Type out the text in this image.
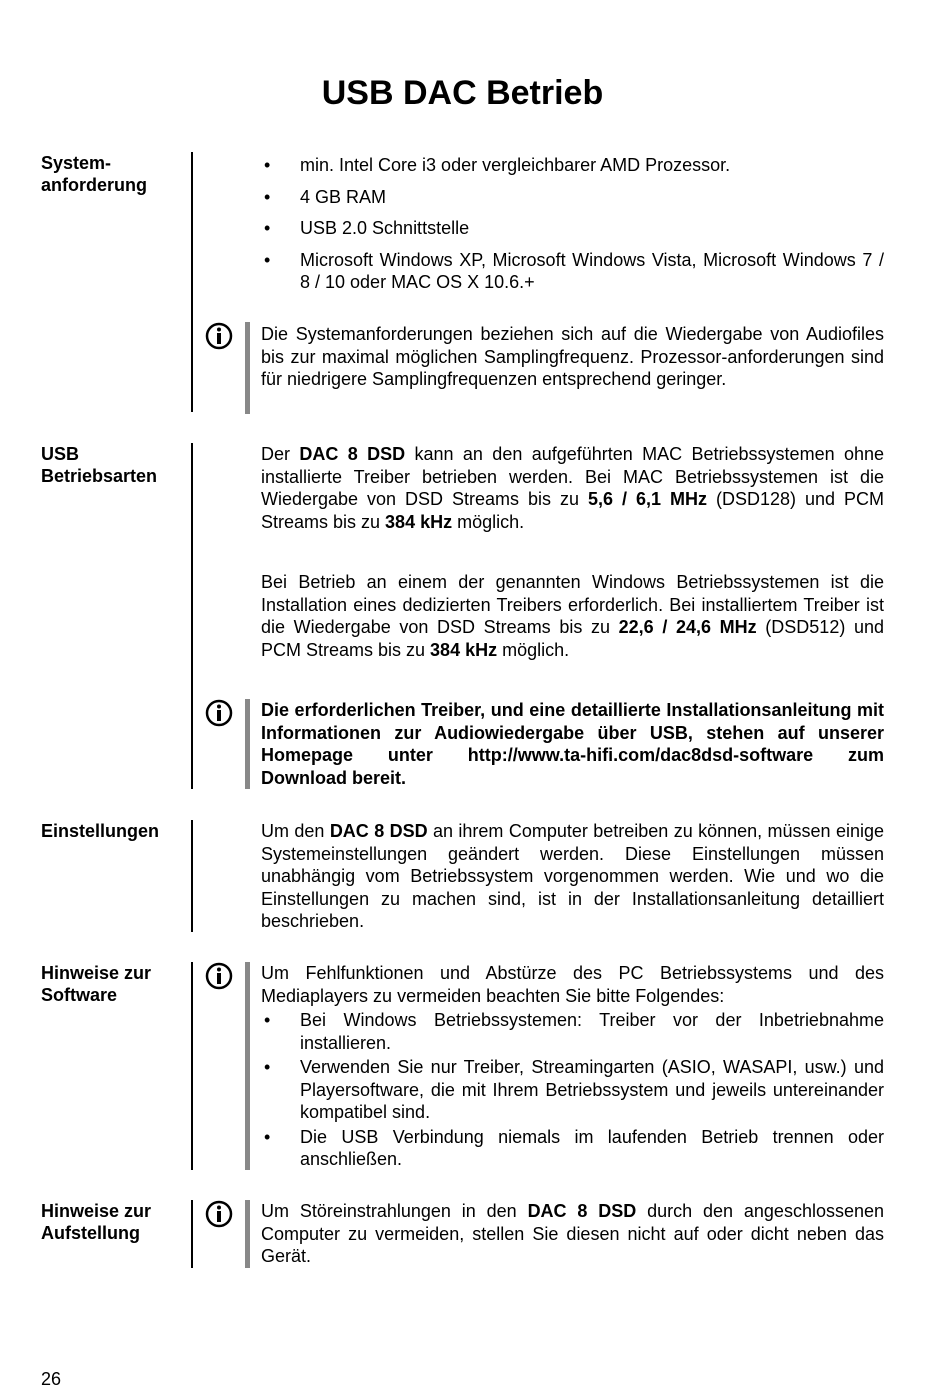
USB DAC Betrieb
System-
anforderung
• min. Intel Core i3 oder vergleichbarer AMD Prozessor.
• 4 GB RAM
• USB 2.0 Schnittstelle
• Microsoft Windows XP, Microsoft Windows Vista, Microsoft Windows 7 / 8 / 10 oder MAC OS X 10.6.+

Die Systemanforderungen beziehen sich auf die Wiedergabe von Audiofiles bis zur maximal möglichen Samplingfrequenz. Prozessor-anforderungen sind für niedrigere Samplingfrequenzen entsprechend geringer.

USB
Betriebsarten

Der DAC 8 DSD kann an den aufgeführten MAC Betriebssystemen ohne installierte Treiber betrieben werden. Bei MAC Betriebssystemen ist die Wiedergabe von DSD Streams bis zu 5,6 / 6,1 MHz (DSD128) und PCM Streams bis zu 384 kHz möglich.

Bei Betrieb an einem der genannten Windows Betriebssystemen ist die Installation eines dedizierten Treibers erforderlich. Bei installiertem Treiber ist die Wiedergabe von DSD Streams bis zu 22,6 / 24,6 MHz (DSD512) und PCM Streams bis zu 384 kHz möglich.

Die erforderlichen Treiber, und eine detaillierte Installationsanleitung mit Informationen zur Audiowiedergabe über USB, stehen auf unserer Homepage unter http://www.ta-hifi.com/dac8dsd-software zum Download bereit.

Einstellungen	Um den DAC 8 DSD an ihrem Computer betreiben zu können, müssen einige Systemeinstellungen geändert werden. Diese Einstellungen müssen unabhängig vom Betriebssystem vorgenommen werden. Wie und wo die Einstellungen zu machen sind, ist in der Installationsanleitung detailliert beschrieben.

Hinweise zur
Software

Um Fehlfunktionen und Abstürze des PC Betriebssystems und des Mediaplayers zu vermeiden beachten Sie bitte Folgendes:

• Bei Windows Betriebssystemen: Treiber vor der Inbetriebnahme installieren.
• Verwenden Sie nur Treiber, Streamingarten (ASIO, WASAPI, usw.) und Playersoftware, die mit Ihrem Betriebssystem und jeweils untereinander kompatibel sind.
• Die USB Verbindung niemals im laufenden Betrieb trennen oder anschließen.
Hinweise zur
Aufstellung

Um Störeinstrahlungen in den DAC 8 DSD durch den angeschlossenen Computer zu vermeiden, stellen Sie diesen nicht auf oder dicht neben das Gerät.

26
